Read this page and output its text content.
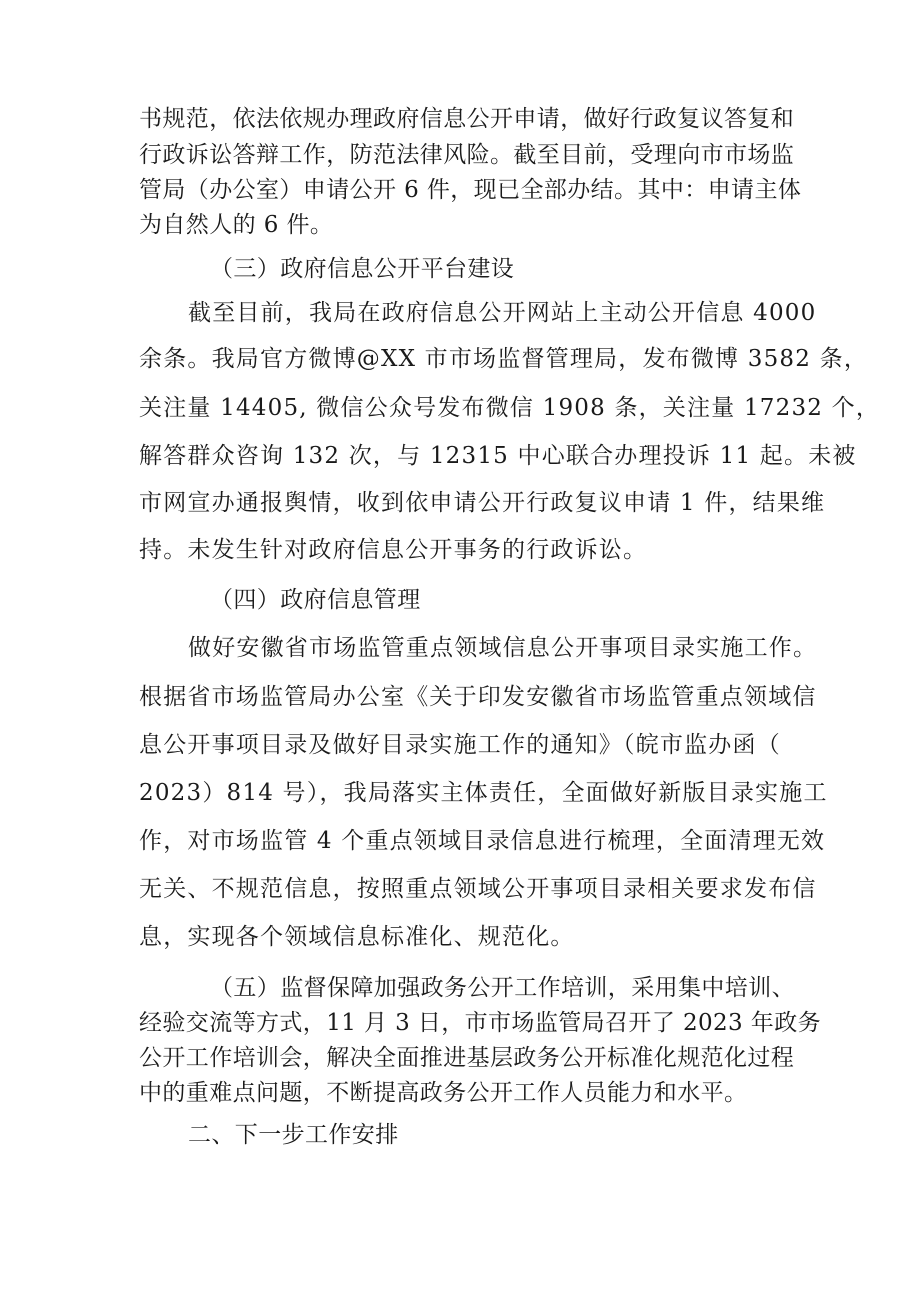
书规范，依法依规办理政府信息公开申请，做好行政复议答复和

行政诉讼答辩工作，防范法律风险。截至目前，受理向市市场监

管局（办公室）申请公开 6 件，现已全部办结。其中：申请主体

为自然人的 6 件。

（三）政府信息公开平台建设

截至目前，我局在政府信息公开网站上主动公开信息 4000

余条。我局官方微博@XX 市市场监督管理局，发布微博 3582 条，

关注量 14405, 微信公众号发布微信 1908 条，关注量 17232 个，

解答群众咨询 132 次，与 12315 中心联合办理投诉 11 起。未被

市网宣办通报舆情，收到依申请公开行政复议申请 1 件，结果维

持。未发生针对政府信息公开事务的行政诉讼。

（四）政府信息管理

做好安徽省市场监管重点领域信息公开事项目录实施工作。

根据省市场监管局办公室《关于印发安徽省市场监管重点领域信

息公开事项目录及做好目录实施工作的通知》（皖市监办函（

2023）814 号），我局落实主体责任，全面做好新版目录实施工

作，对市场监管 4 个重点领域目录信息进行梳理，全面清理无效

无关、不规范信息，按照重点领域公开事项目录相关要求发布信

息，实现各个领域信息标准化、规范化。

（五）监督保障加强政务公开工作培训，采用集中培训、

经验交流等方式，11 月 3 日，市市场监管局召开了 2023 年政务

公开工作培训会，解决全面推进基层政务公开标准化规范化过程

中的重难点问题，不断提高政务公开工作人员能力和水平。

二、下一步工作安排
